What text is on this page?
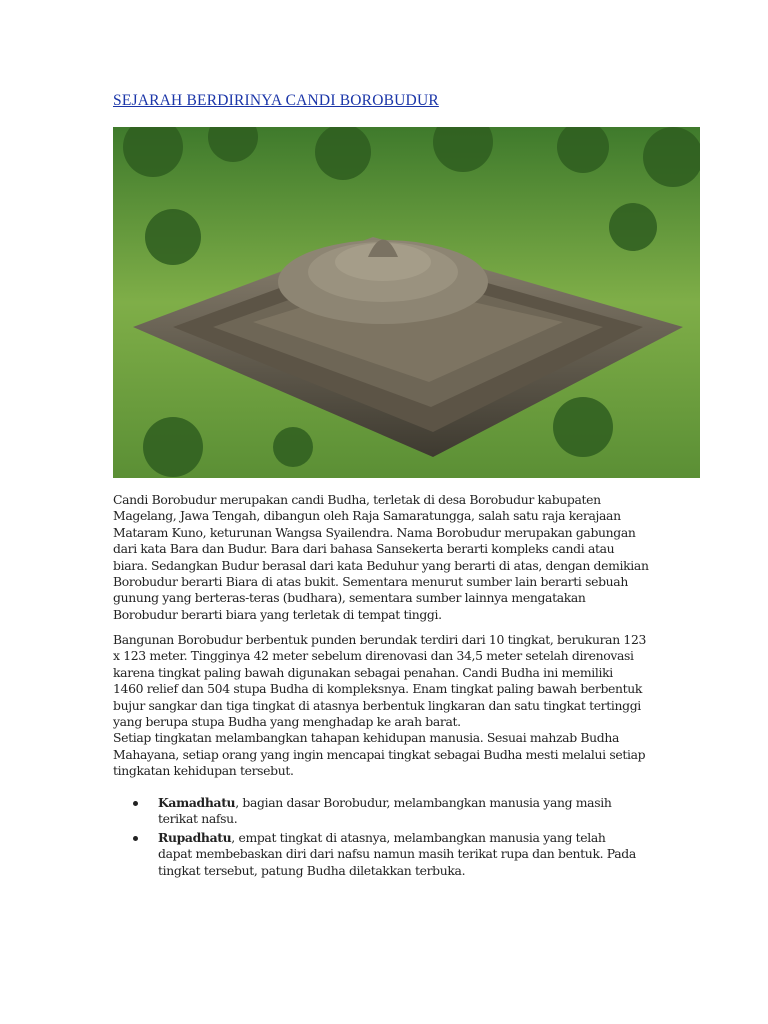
SEJARAH BERDIRINYA CANDI BOROBUDUR
Candi Borobudur merupakan candi Budha, terletak di desa Borobudur kabupaten
Magelang, Jawa Tengah, dibangun oleh Raja Samaratungga, salah satu raja kerajaan
Mataram Kuno, keturunan Wangsa Syailendra. Nama Borobudur merupakan gabungan
dari kata Bara dan Budur. Bara dari bahasa Sansekerta berarti kompleks candi atau
biara. Sedangkan Budur berasal dari kata Beduhur yang berarti di atas, dengan demikian
Borobudur berarti Biara di atas bukit. Sementara menurut sumber lain berarti sebuah
gunung yang berteras-teras (budhara), sementara sumber lainnya mengatakan
Borobudur berarti biara yang terletak di tempat tinggi.
Bangunan Borobudur berbentuk punden berundak terdiri dari 10 tingkat, berukuran 123
x 123 meter. Tingginya 42 meter sebelum direnovasi dan 34,5 meter setelah direnovasi
karena tingkat paling bawah digunakan sebagai penahan. Candi Budha ini memiliki
1460 relief dan 504 stupa Budha di kompleksnya. Enam tingkat paling bawah berbentuk
bujur sangkar dan tiga tingkat di atasnya berbentuk lingkaran dan satu tingkat tertinggi
yang berupa stupa Budha yang menghadap ke arah barat.
Setiap tingkatan melambangkan tahapan kehidupan manusia. Sesuai mahzab Budha
Mahayana, setiap orang yang ingin mencapai tingkat sebagai Budha mesti melalui setiap
tingkatan kehidupan tersebut.
Kamadhatu, bagian dasar Borobudur, melambangkan manusia yang masih
terikat nafsu.
Rupadhatu, empat tingkat di atasnya, melambangkan manusia yang telah
dapat membebaskan diri dari nafsu namun masih terikat rupa dan bentuk. Pada
tingkat tersebut, patung Budha diletakkan terbuka.
